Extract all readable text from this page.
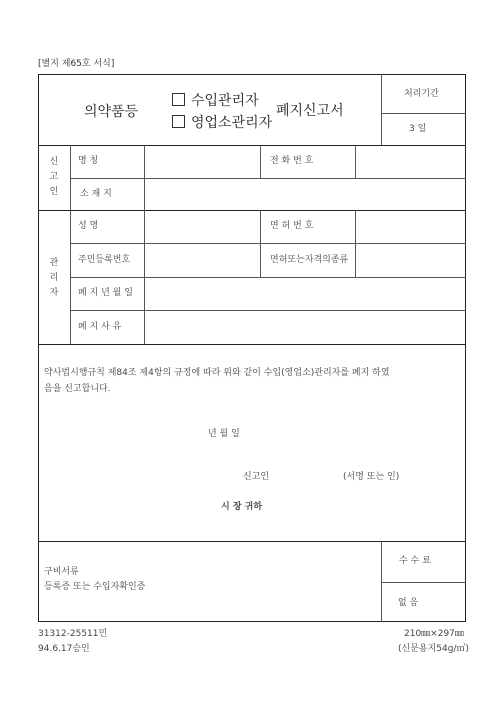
[별지 제65호 서식]
의약품등
수입관리자
영업소관리자
폐지신고서
처리기간
3 일
신
고
인
명 칭	전 화 번 호
소 재 지
관
리
자
성 명	면 허 번 호
주민등록번호	면허또는자격의종류
폐 지 년 월 일
폐 지 사 유
약사법시행규칙 제84조 제4항의 규정에 따라 위와 같이 수입(영업소)관리자를 폐지 하였
음을 신고합니다.
년 월 일
신고인	(서명 또는 인)
시 장 귀하
구비서류
등록증 또는 수입자확인증
수 수 료
없 음
31312-25511민
94.6.17승인
210㎜×297㎜
(신문용지54g/㎡)
